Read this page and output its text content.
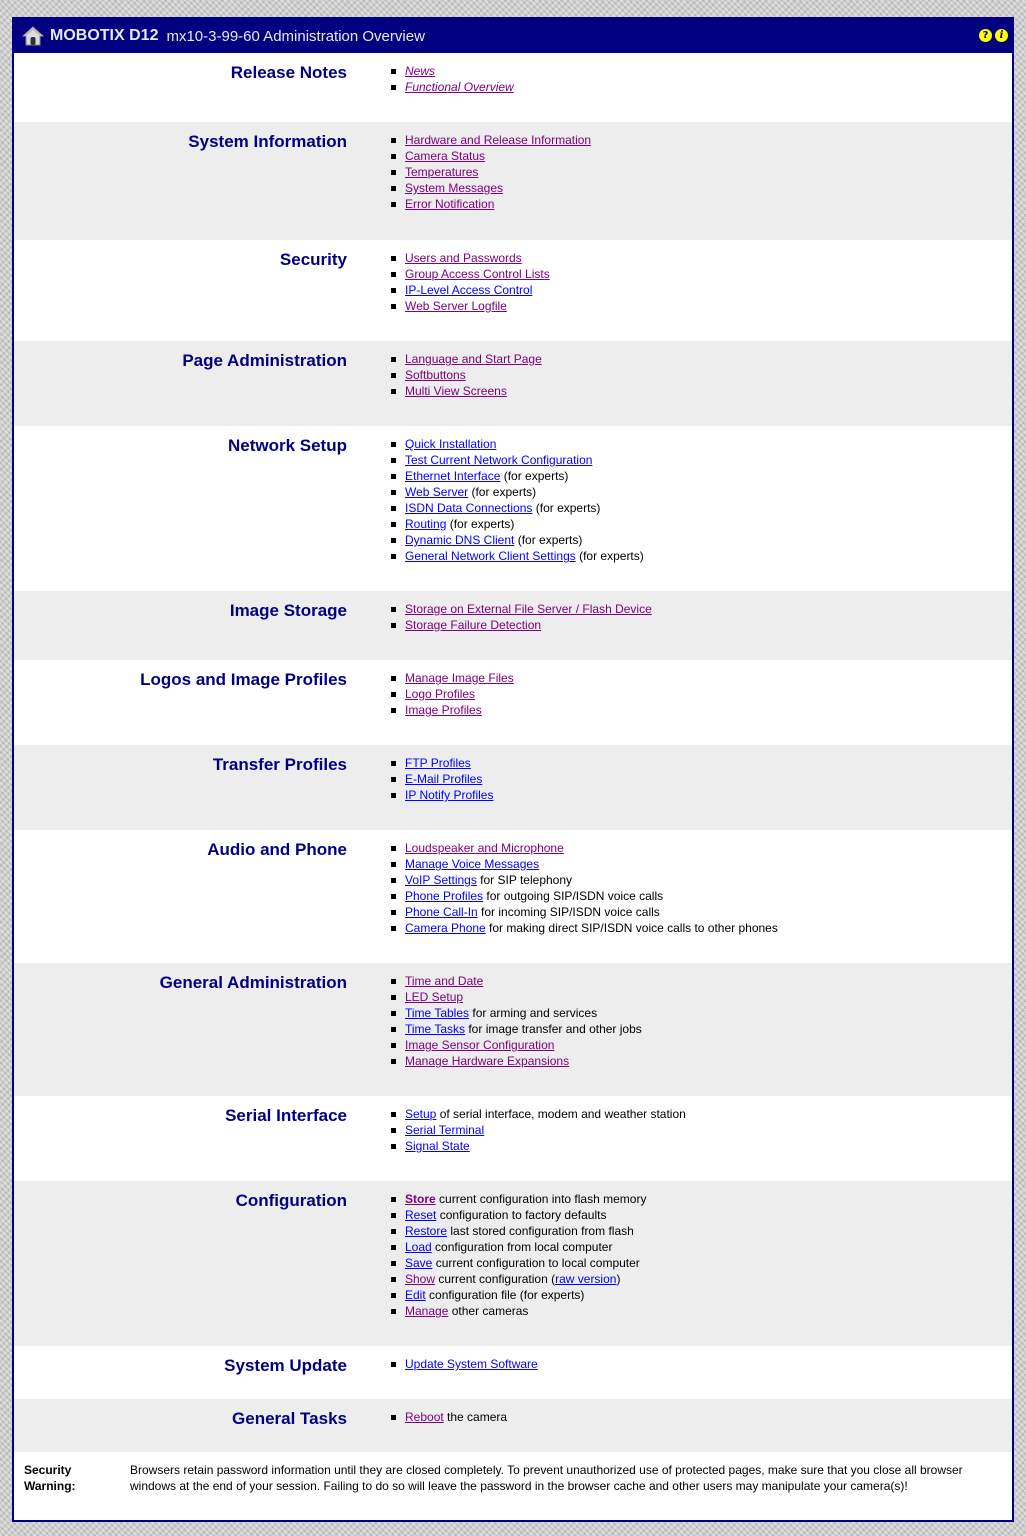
MOBOTIX D12 mx10-3-99-60 Administration Overview	?	i
Release Notes	News
Functional Overview
System Information	Hardware and Release Information
Camera Status
Temperatures
System Messages
Error Notification
Security	Users and Passwords
Group Access Control Lists
IP-Level Access Control
Web Server Logfile
Page Administration	Language and Start Page
Softbuttons
Multi View Screens
Network Setup	Quick Installation
Test Current Network Configuration
Ethernet Interface (for experts)
Web Server (for experts)
ISDN Data Connections (for experts)
Routing (for experts)
Dynamic DNS Client (for experts)
General Network Client Settings (for experts)
Image Storage	Storage on External File Server / Flash Device
Storage Failure Detection
Logos and Image Profiles	Manage Image Files
Logo Profiles
Image Profiles
Transfer Profiles	FTP Profiles
E-Mail Profiles
IP Notify Profiles
Audio and Phone	Loudspeaker and Microphone
Manage Voice Messages
VoIP Settings for SIP telephony
Phone Profiles for outgoing SIP/ISDN voice calls
Phone Call-In for incoming SIP/ISDN voice calls
Camera Phone for making direct SIP/ISDN voice calls to other phones
General Administration	Time and Date
LED Setup
Time Tables for arming and services
Time Tasks for image transfer and other jobs
Image Sensor Configuration
Manage Hardware Expansions
Serial Interface	Setup of serial interface, modem and weather station
Serial Terminal
Signal State
Configuration	Store current configuration into flash memory
Reset configuration to factory defaults
Restore last stored configuration from flash
Load configuration from local computer
Save current configuration to local computer
Show current configuration (raw version)
Edit configuration file (for experts)
Manage other cameras
System Update	Update System Software
General Tasks	Reboot the camera
Security
Warning:
Browsers retain password information until they are closed completely. To prevent unauthorized use of protected pages, make sure that you close all browser windows at the end of your session. Failing to do so will leave the password in the browser cache and other users may manipulate your camera(s)!
